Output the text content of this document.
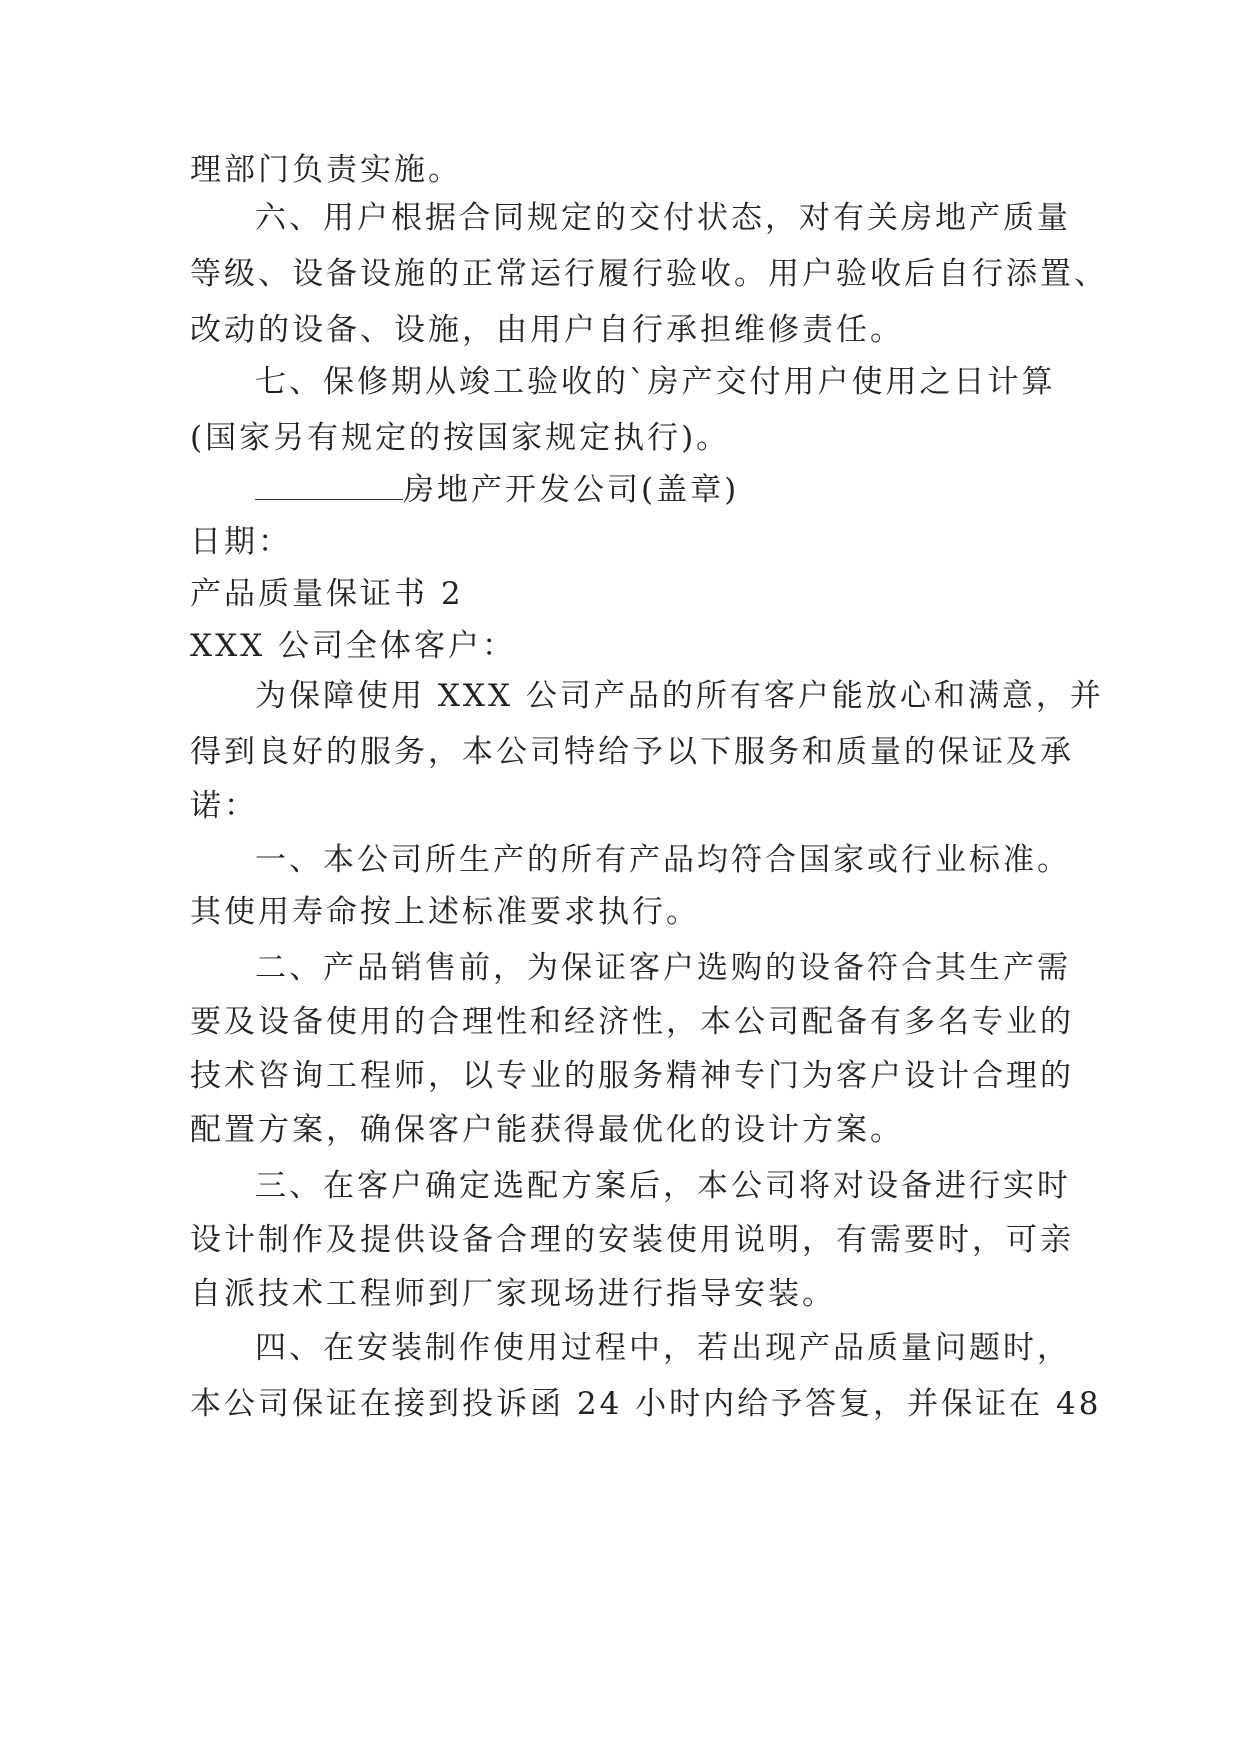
理部门负责实施。
六、用户根据合同规定的交付状态，对有关房地产质量
等级、设备设施的正常运行履行验收。用户验收后自行添置、
改动的设备、设施，由用户自行承担维修责任。
七、保修期从竣工验收的`房产交付用户使用之日计算
(国家另有规定的按国家规定执行)。
房地产开发公司(盖章)
日期：
产品质量保证书 2
XXX 公司全体客户：
为保障使用 XXX 公司产品的所有客户能放心和满意，并
得到良好的服务，本公司特给予以下服务和质量的保证及承
诺：
一、本公司所生产的所有产品均符合国家或行业标准。
其使用寿命按上述标准要求执行。
二、产品销售前，为保证客户选购的设备符合其生产需
要及设备使用的合理性和经济性，本公司配备有多名专业的
技术咨询工程师，以专业的服务精神专门为客户设计合理的
配置方案，确保客户能获得最优化的设计方案。
三、在客户确定选配方案后，本公司将对设备进行实时
设计制作及提供设备合理的安装使用说明，有需要时，可亲
自派技术工程师到厂家现场进行指导安装。
四、在安装制作使用过程中，若出现产品质量问题时，
本公司保证在接到投诉函 24 小时内给予答复，并保证在 48
